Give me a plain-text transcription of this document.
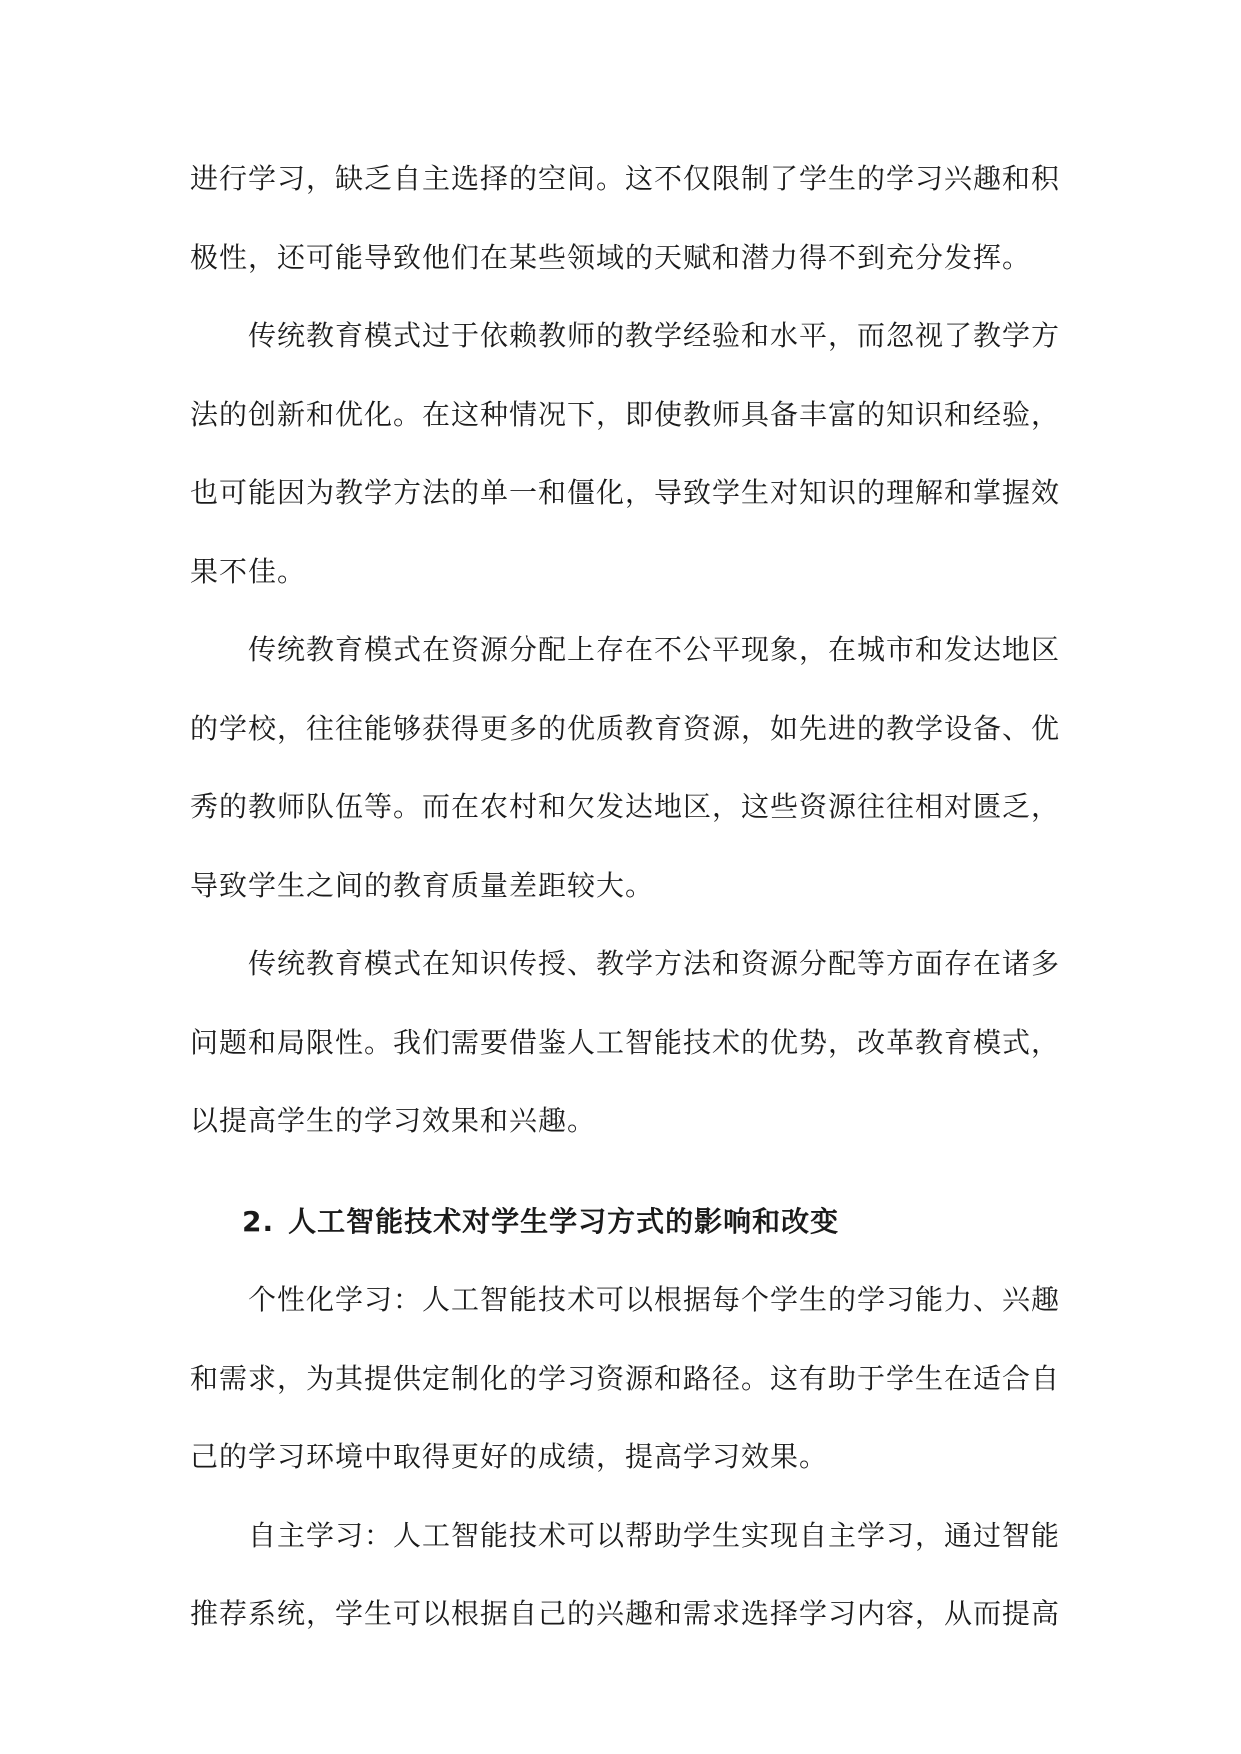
进行学习，缺乏自主选择的空间。这不仅限制了学生的学习兴趣和积
极性，还可能导致他们在某些领域的天赋和潜力得不到充分发挥。

传统教育模式过于依赖教师的教学经验和水平，而忽视了教学方
法的创新和优化。在这种情况下，即使教师具备丰富的知识和经验，
也可能因为教学方法的单一和僵化，导致学生对知识的理解和掌握效
果不佳。

传统教育模式在资源分配上存在不公平现象，在城市和发达地区
的学校，往往能够获得更多的优质教育资源，如先进的教学设备、优
秀的教师队伍等。而在农村和欠发达地区，这些资源往往相对匮乏，
导致学生之间的教育质量差距较大。

传统教育模式在知识传授、教学方法和资源分配等方面存在诸多
问题和局限性。我们需要借鉴人工智能技术的优势，改革教育模式，
以提高学生的学习效果和兴趣。

2. 人工智能技术对学生学习方式的影响和改变

个性化学习：人工智能技术可以根据每个学生的学习能力、兴趣
和需求，为其提供定制化的学习资源和路径。这有助于学生在适合自
己的学习环境中取得更好的成绩，提高学习效果。

自主学习：人工智能技术可以帮助学生实现自主学习，通过智能
推荐系统，学生可以根据自己的兴趣和需求选择学习内容，从而提高
